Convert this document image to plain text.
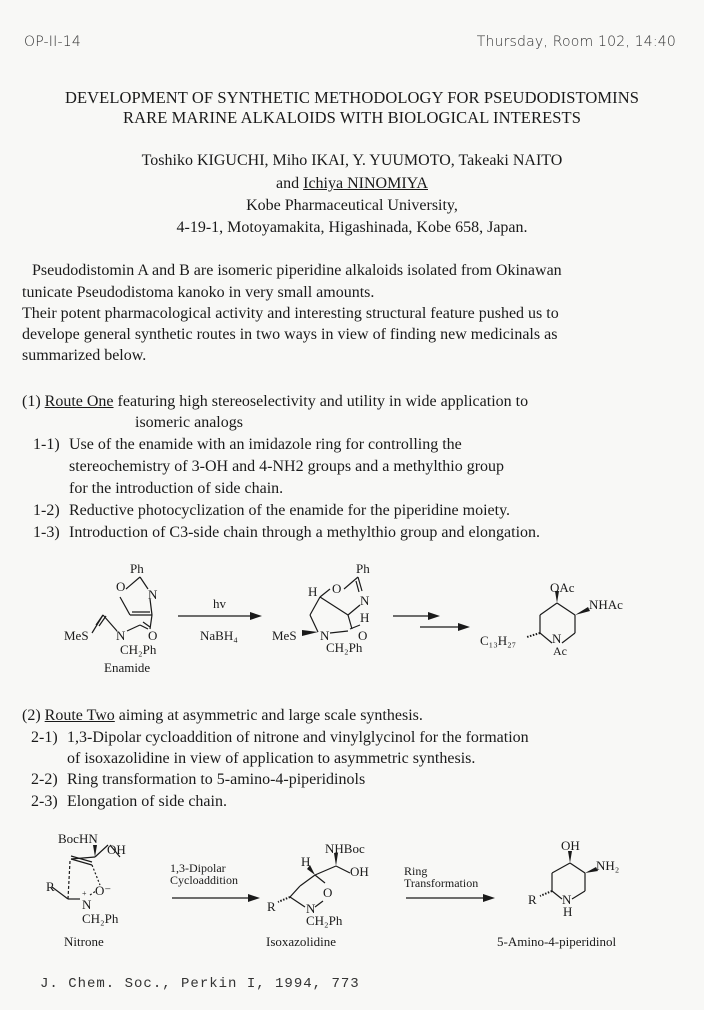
OP-II-14	Thursday, Room 102, 14:40
DEVELOPMENT OF SYNTHETIC METHODOLOGY FOR PSEUDODISTOMINS
RARE MARINE ALKALOIDS WITH BIOLOGICAL INTERESTS
Toshiko KIGUCHI, Miho IKAI, Y. YUUMOTO, Takeaki NAITO
and Ichiya NINOMIYA
Kobe Pharmaceutical University,
4-19-1, Motoyamakita, Higashinada, Kobe 658, Japan.
Pseudodistomin A and B are isomeric piperidine alkaloids isolated from Okinawan
tunicate Pseudodistoma kanoko in very small amounts.
Their potent pharmacological activity and interesting structural feature pushed us to
develope general synthetic routes in two ways in view of finding new medicinals as
summarized below.
(1) Route One featuring high stereoselectivity and utility in wide application to
isomeric analogs
1-1) Use of the enamide with an imidazole ring for controlling the
stereochemistry of 3-OH and 4-NH2 groups and a methylthio group
for the introduction of side chain.
1-2) Reductive photocyclization of the enamide for the piperidine moiety.
1-3) Introduction of C3-side chain through a methylthio group and elongation.
Ph
O
N
MeS N O
CH₂Ph
Enamide
hv
NaBH₄
Ph
H O
N
H
MeS N O
CH₂Ph
OAc
NHAc
C₁₃H₂₇	N
Ac
(2) Route Two aiming at asymmetric and large scale synthesis.
2-1) 1,3-Dipolar cycloaddition of nitrone and vinylglycinol for the formation
of isoxazolidine in view of application to asymmetric synthesis.
2-2) Ring transformation to 5-amino-4-piperidinols
2-3) Elongation of side chain.
BocHN
OH
R	O⁻
+
N
CH₂Ph
Nitrone
1,3-Dipolar
Cycloaddition
NHBoc
H
OH
O
R N
CH₂Ph
Isoxazolidine
Ring
Transformation
OH
NH₂
R N
H
5-Amino-4-piperidinol
J. Chem. Soc., Perkin I, 1994, 773
